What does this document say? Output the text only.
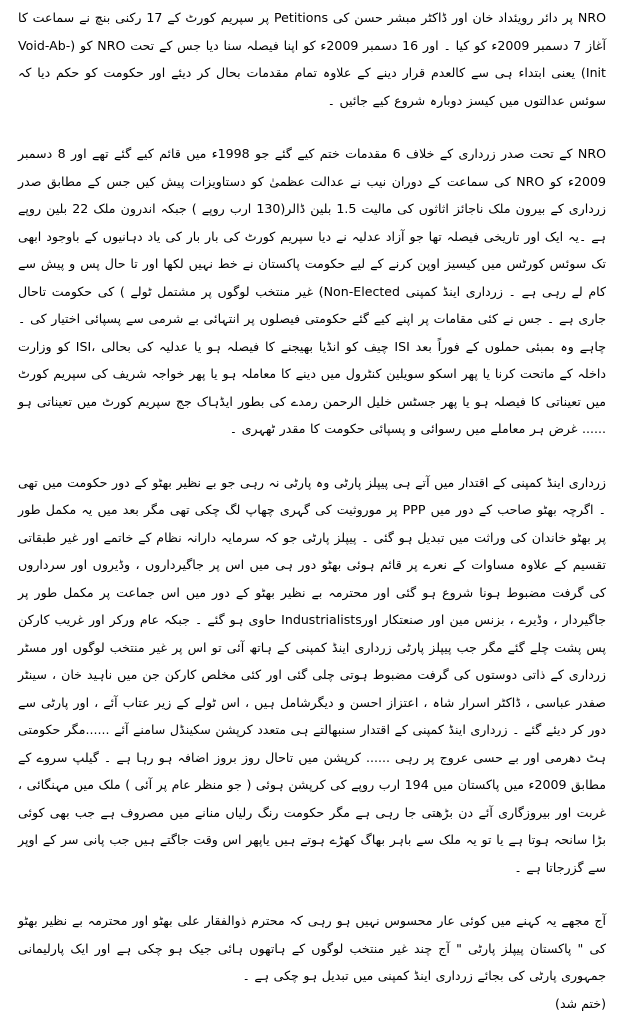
NRO پر دائر رویئداد خان اور ڈاکٹر مبشر حسن کی Petitions پر سپریم کورٹ کے 17 رکنی بنچ نے سماعت کا آغاز 7 دسمبر 2009ء کو کیا ۔ اور 16 دسمبر 2009ء کو اپنا فیصلہ سنا دیا جس کے تحت NRO کو (Void-Ab-Init) یعنی ابتداء ہی سے کالعدم قرار دینے کے علاوہ تمام مقدمات بحال کر دیئے اور حکومت کو حکم دیا کہ سوئس عدالتوں میں کیسز دوبارہ شروع کیے جائیں ۔

NRO کے تحت صدر زرداری کے خلاف 6 مقدمات ختم کیے گئے جو 1998ء میں قائم کیے گئے تھے اور 8 دسمبر 2009ء کو NRO کی سماعت کے دوران نیب نے عدالت عظمیٰ کو دستاویزات پیش کیں جس کے مطابق صدر زرداری کے بیرون ملک ناجائز اثاثوں کی مالیت 1.5 بلین ڈالر(130 ارب روپے ) جبکہ اندرون ملک 22 بلین روپے ہے ۔یہ ایک اور تاریخی فیصلہ تھا جو آزاد عدلیہ نے دیا سپریم کورٹ کی بار بار کی یاد دہانیوں کے باوجود ابھی تک سوئس کورٹس میں کیسیز اوپن کرنے کے لیے حکومت پاکستان نے خط نہیں لکھا اور تا حال پس و پیش سے کام لے رہی ہے ۔ زرداری اینڈ کمپنی Non-Elected) غیر منتخب لوگوں پر مشتمل ٹولے ) کی حکومت تاحال جاری ہے ۔ جس نے کئی مقامات پر اپنے کیے گئے حکومتی فیصلوں پر انتہائی بے شرمی سے پسپائی اختیار کی ۔چاہے وہ بمبئی حملوں کے فوراً بعد ISI چیف کو انڈیا بھیجنے کا فیصلہ ہو یا عدلیہ کی بحالی ،ISI کو وزارت داخلہ کے ماتحت کرنا یا پھر اسکو سویلین کنٹرول میں دینے کا معاملہ ہو یا پھر خواجہ شریف کی سپریم کورٹ میں تعیناتی کا فیصلہ ہو یا پھر جسٹس خلیل الرحمن رمدے کی بطور ایڈہاک جج سپریم کورٹ میں تعیناتی ہو ...... غرض ہر معاملے میں رسوائی و پسپائی حکومت کا مقدر ٹھہری ۔

زرداری اینڈ کمپنی کے اقتدار میں آتے ہی پیپلز پارٹی وہ پارٹی نہ رہی جو بے نظیر بھٹو کے دور حکومت میں تھی ۔ اگرچہ بھٹو صاحب کے دور میں PPP پر موروثیت کی گہری چھاپ لگ چکی تھی مگر بعد میں یہ مکمل طور پر بھٹو خاندان کی وراثت میں تبدیل ہو گئی ۔ پیپلز پارٹی جو کہ سرمایہ دارانہ نظام کے خاتمے اور غیر طبقاتی تقسیم کے علاوہ مساوات کے نعرے پر قائم ہوئی بھٹو دور ہی میں اس پر جاگیرداروں ، وڈیروں اور سرداروں کی گرفت مضبوط ہونا شروع ہو گئی اور محترمہ بے نظیر بھٹو کے دور میں اس جماعت پر مکمل طور پر جاگیردار ، وڈیرے ، بزنس مین اور صنعتکار اورIndustrialists حاوی ہو گئے ۔ جبکہ عام ورکر اور غریب کارکن پس پشت چلے گئے مگر جب پیپلز پارٹی زرداری اینڈ کمپنی کے ہاتھ آئی تو اس پر غیر منتخب لوگوں اور مسٹر زرداری کے ذاتی دوستوں کی گرفت مضبوط ہوتی چلی گئی اور کئی مخلص کارکن جن میں ناہید خان ، سینٹر صفدر عباسی ، ڈاکٹر اسرار شاہ ، اعتزاز احسن و دیگرشامل ہیں ، اس ٹولے کے زیر عتاب آئے ، اور پارٹی سے دور کر دیئے گئے ۔ زرداری اینڈ کمپنی کے اقتدار سنبھالتے ہی متعدد کرپشن سکینڈل سامنے آئے ......مگر حکومتی ہٹ دھرمی اور بے حسی عروج پر رہی ...... کرپشن میں تاحال روز بروز اضافہ ہو رہا ہے ۔ گیلپ سروے کے مطابق 2009ء میں پاکستان میں 194 ارب روپے کی کرپشن ہوئی ( جو منظر عام پر آئی ) ملک میں مہنگائی ، غربت اور بیروزگاری آئے دن بڑھتی جا رہی ہے مگر حکومت رنگ رلیاں منانے میں مصروف ہے جب بھی کوئی بڑا سانحہ ہوتا ہے یا تو یہ ملک سے باہر بھاگ کھڑے ہوتے ہیں یاپھر اس وقت جاگتے ہیں جب پانی سر کے اوپر سے گزرجاتا ہے ۔

آج مجھے یہ کہنے میں کوئی عار محسوس نہیں ہو رہی کہ محترم ذوالفقار علی بھٹو اور محترمہ بے نظیر بھٹو کی " پاکستان پیپلز پارٹی " آج چند غیر منتخب لوگوں کے ہاتھوں ہائی جیک ہو چکی ہے اور ایک پارلیمانی جمہوری پارٹی کی بجائے زرداری اینڈ کمپنی میں تبدیل ہو چکی ہے ۔

(ختم شد)
